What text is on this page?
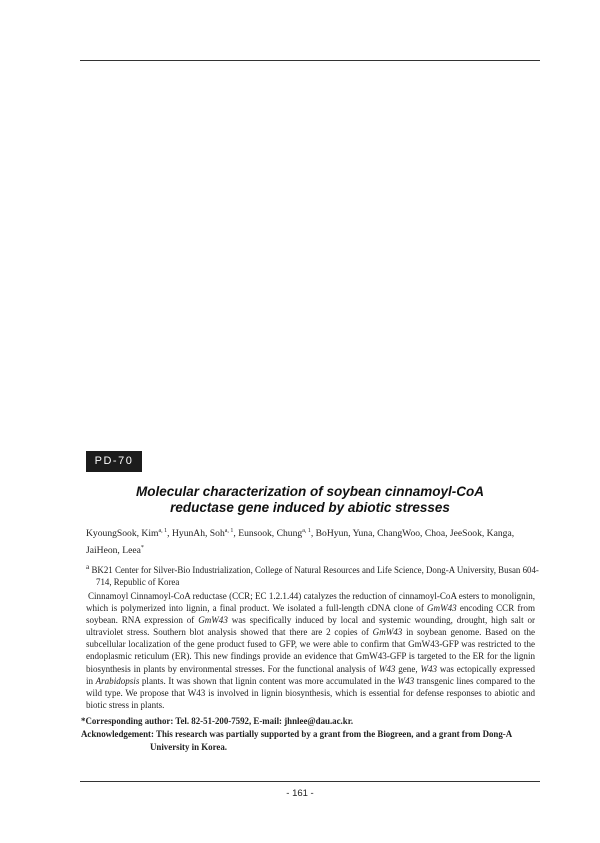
PD-70
Molecular characterization of soybean cinnamoyl-CoA
reductase gene induced by abiotic stresses

KyoungSook, Kim$^{a, 1}$, HyunAh, Soh$^{a, 1}$, Eunsook, Chung$^{a, 1}$, BoHyun, Yuna, ChangWoo, Choa, JeeSook, Kanga,
JaiHeon, Leea*

$^a$ BK21 Center for Silver-Bio Industrialization, College of Natural Resources and Life Science, Dong-A University, Busan 604-714, Republic of Korea

Cinnamoyl Cinnamoyl-CoA reductase (CCR; EC 1.2.1.44) catalyzes the reduction of cinnamoyl-CoA esters to monolignin, which is polymerized into lignin, a final product. We isolated a full-length cDNA clone of GmW43 encoding CCR from soybean. RNA expression of GmW43 was specifically induced by local and systemic wounding, drought, high salt or ultraviolet stress. Southern blot analysis showed that there are 2 copies of GmW43 in soybean genome. Based on the subcellular localization of the gene product fused to GFP, we were able to confirm that GmW43-GFP was restricted to the endoplasmic reticulum (ER). This new findings provide an evidence that GmW43-GFP is targeted to the ER for the lignin biosynthesis in plants by environmental stresses. For the functional analysis of W43 gene, W43 was ectopically expressed in Arabidopsis plants. It was shown that lignin content was more accumulated in the W43 transgenic lines compared to the wild type. We propose that W43 is involved in lignin biosynthesis, which is essential for defense responses to abiotic and biotic stress in plants.

*Corresponding author: Tel. 82-51-200-7592, E-mail: jhnlee@dau.ac.kr.

Acknowledgement: This research was partially supported by a grant from the Biogreen, and a grant from Dong-A
University in Korea.

- 161 -
